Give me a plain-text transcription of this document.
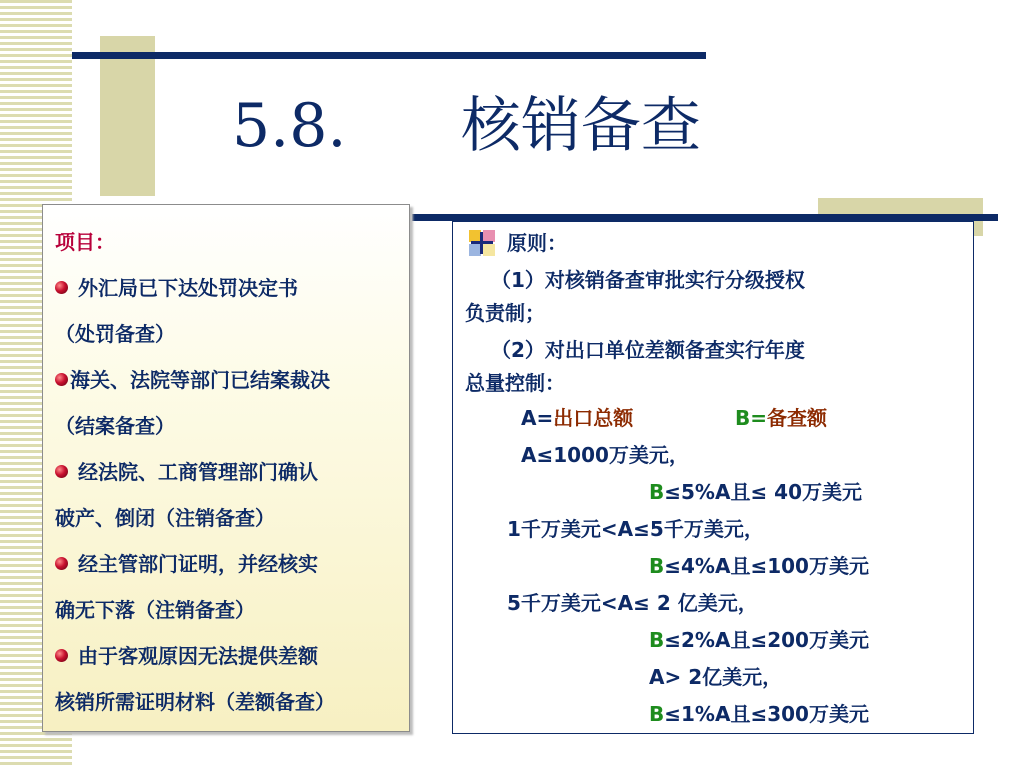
5.8.      核销备查
项目：
外汇局已下达处罚决定书
（处罚备查）
海关、法院等部门已结案裁决
（结案备查）
经法院、工商管理部门确认
破产、倒闭（注销备查）
经主管部门证明，并经核实
确无下落（注销备查）
由于客观原因无法提供差额
核销所需证明材料（差额备查）
原则：
（1）对核销备查审批实行分级授权
负责制；
（2）对出口单位差额备查实行年度
总量控制：
A=出口总额	B=备查额
A≤1000万美元，
B≤5%A且≤ 40万美元
1千万美元<A≤5千万美元，
B≤4%A且≤100万美元
5千万美元<A≤ 2 亿美元，
B≤2%A且≤200万美元
A> 2亿美元，
B≤1%A且≤300万美元
